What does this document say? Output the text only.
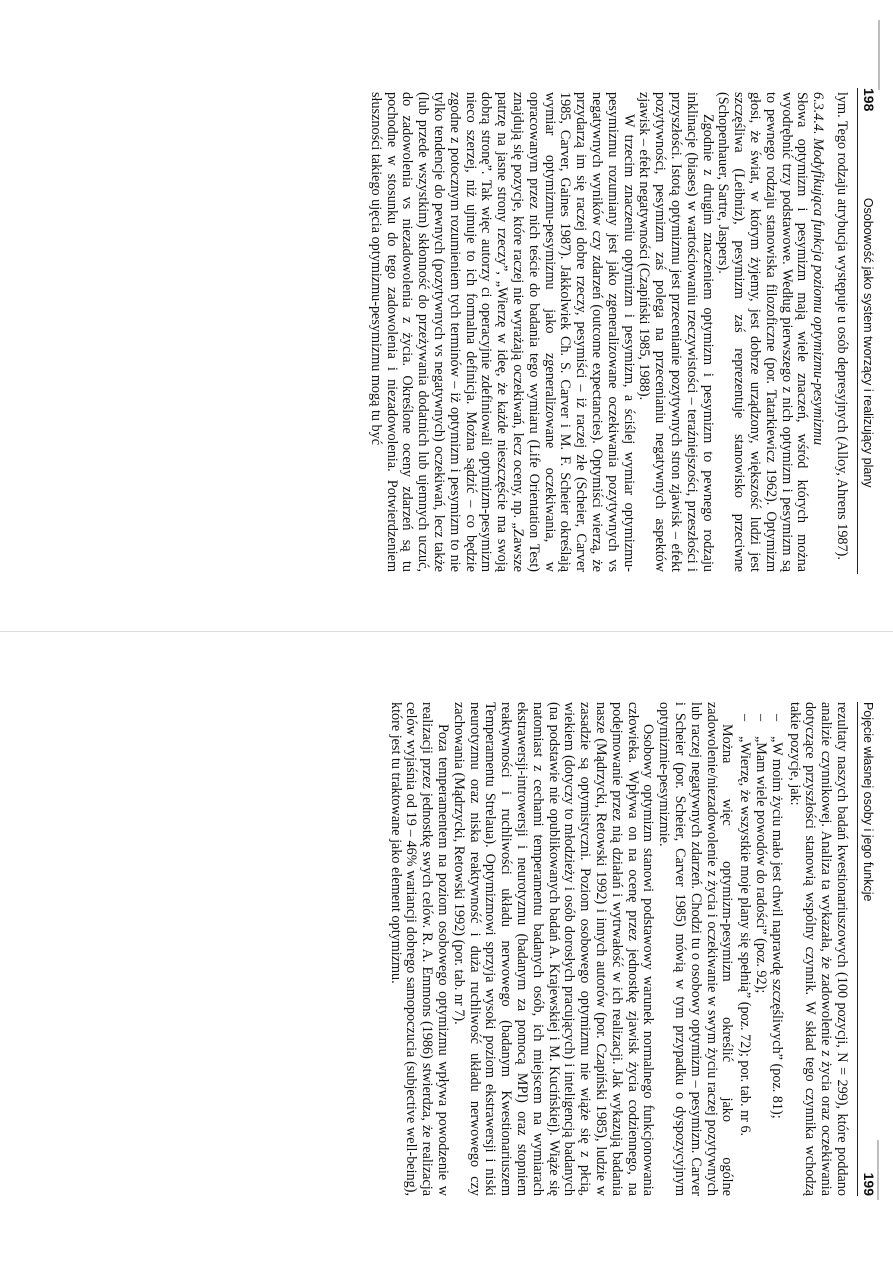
198
Osobowość jako system tworzący i realizujący plany

lym. Tego rodzaju atrybucja występuje u osób depresyjnych (Alloy, Ahrens 1987).

6.3.4.4. Modyfikująca funkcja poziomu optymizmu-pesymizmu

Słowa optymizm i pesymizm mają wiele znaczeń, wśród których można wyodrębnić trzy podstawowe. Według pierwszego z nich optymizm i pesymizm są to pewnego rodzaju stanowiska filozoficzne (por. Tatarkiewicz 1962). Optymizm głosi, że świat, w którym żyjemy, jest dobrze urządzony, większość ludzi jest szczęśliwa (Leibniz), pesymizm zaś reprezentuje stanowisko przeciwne (Schopenhauer, Sartre, Jaspers).

Zgodnie z drugim znaczeniem optymizm i pesymizm to pewnego rodzaju inklinacje (biases) w wartościowaniu rzeczywistości – teraźniejszości, przeszłości i przyszłości. Istotą optymizmu jest przecenianie pozytywnych stron zjawisk – efekt pozytywności, pesymizm zaś polega na przecenianiu negatywnych aspektów zjawisk – efekt negatywności (Czapiński 1985, 1988).

W trzecim znaczeniu optymizm i pesymizm, a ściślej wymiar optymizmu-pesymizmu rozumiany jest jako zgeneralizowane oczekiwania pozytywnych vs negatywnych wyników czy zdarzeń (outcome expectancies). Optymiści wierzą, że przydarzą im się raczej dobre rzeczy, pesymiści – iż raczej złe (Scheier, Carver 1985, Carver, Gaines 1987). Jakkolwiek Ch. S. Carver i M. F. Scheier określają wymiar optymizmu-pesymizmu jako zgeneralizowane oczekiwania, w opracowanym przez nich teście do badania tego wymiaru (Life Orientation Test) znajdują się pozycje, które raczej nie wyrażają oczekiwań, lecz oceny, np. „Zawsze patrzę na jasne strony rzeczy”, „Wierzę w ideę, że każde nieszczęście ma swoją dobrą stronę”. Tak więc autorzy ci operacyjnie zdefiniowali optymizm-pesymizm nieco szerzej, niż ujmuje to ich formalna definicja. Można sądzić – co będzie zgodne z potocznym rozumieniem tych terminów – iż optymizm i pesymizm to nie tylko tendencje do pewnych (pozytywnych vs negatywnych) oczekiwań, lecz także (lub przede wszystkim) skłonność do przeżywania dodatnich lub ujemnych uczuć, do zadowolenia vs niezadowolenia z życia. Określone oceny zdarzeń są tu pochodne w stosunku do tego zadowolenia i niezadowolenia. Potwierdzeniem słuszności takiego ujęcia optymizmu-pesymizmu mogą tu być

Pojęcie własnej osoby i jego funkcje
199

rezultaty naszych badań kwestionariuszowych (100 pozycji, N = 299), które poddano analizie czynnikowej. Analiza ta wykazała, że zadowolenie z życia oraz oczekiwania dotyczące przyszłości stanowią wspólny czynnik. W skład tego czynnika wchodzą takie pozycje, jak:

–
„W moim życiu mało jest chwil naprawdę szczęśliwych” (poz. 81);
–
„Mam wiele powodów do radości” (poz. 92);
–
„Wierzę, że wszystkie moje plany się spełnią” (poz. 72); por. tab. nr 6.

Można więc optymizm-pesymizm określić jako ogólne zadowolenie/niezadowolenie z życia i oczekiwanie w swym życiu raczej pozytywnych lub raczej negatywnych zdarzeń. Chodzi tu o osobowy optymizm – pesymizm. Carver i Scheier (por. Scheier, Carver 1985) mówią w tym przypadku o dyspozycyjnym optymizmie-pesymizmie.

Osobowy optymizm stanowi podstawowy warunek normalnego funkcjonowania człowieka. Wpływa on na ocenę przez jednostkę zjawisk życia codziennego, na podejmowanie przez nią działań i wytrwałość w ich realizacji. Jak wykazują badania nasze (Mądrzycki, Retowski 1992) i innych autorów (por. Czapiński 1985), ludzie w zasadzie są optymistyczni. Poziom osobowego optymizmu nie wiąże się z płcią, wiekiem (dotyczy to młodzieży i osób dorosłych pracujących) i inteligencją badanych (na podstawie nie opublikowanych badań A. Krajewskiej i M. Kucińskiej). Wiąże się natomiast z cechami temperamentu badanych osób, ich miejscem na wymiarach ekstrawersji-introwersji i neurotyzmu (badanym za pomocą MPI) oraz stopniem reaktywności i ruchliwości układu nerwowego (badanym Kwestionariuszem Temperamentu Strelaua). Optymizmowi sprzyja wysoki poziom ekstrawersji i niski neurotyzmu oraz niska reaktywność i duża ruchliwość układu nerwowego czy zachowania (Mądrzycki, Retowski 1992) (por. tab. nr 7).

Poza temperamentem na poziom osobowego optymizmu wpływa powodzenie w realizacji przez jednostkę swych celów. R. A. Emmons (1986) stwierdza, że realizacja celów wyjaśnia od 19 – 46% wariancji dobrego samopoczucia (subjective well-being), które jest tu traktowane jako element optymizmu.
